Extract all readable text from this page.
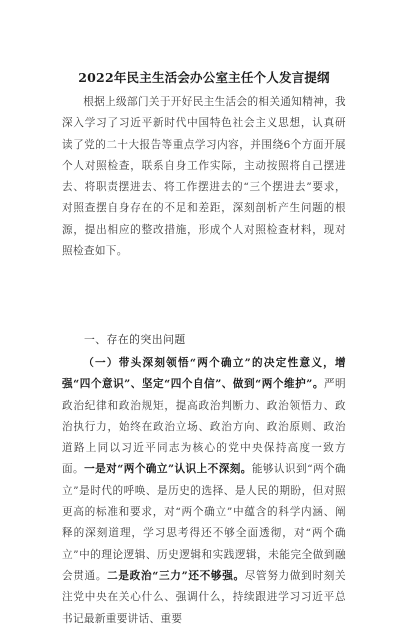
2022年民主生活会办公室主任个人发言提纲

根据上级部门关于开好民主生活会的相关通知精神，我深入学习了习近平新时代中国特色社会主义思想，认真研读了党的二十大报告等重点学习内容，并围绕6个方面开展个人对照检查，联系自身工作实际，主动按照将自己摆进去、将职责摆进去、将工作摆进去的“三个摆进去”要求，对照查摆自身存在的不足和差距，深刻剖析产生问题的根源，提出相应的整改措施，形成个人对照检查材料，现对照检查如下。

一、存在的突出问题

（一）带头深刻领悟“两个确立”的决定性意义，增强“四个意识”、坚定“四个自信”、做到“两个维护”。严明政治纪律和政治规矩，提高政治判断力、政治领悟力、政治执行力，始终在政治立场、政治方向、政治原则、政治道路上同以习近平同志为核心的党中央保持高度一致方面。一是对“两个确立”认识上不深刻。能够认识到“两个确立”是时代的呼唤、是历史的选择、是人民的期盼，但对照更高的标准和要求，对“两个确立”中蕴含的科学内涵、阐释的深刻道理，学习思考得还不够全面透彻，对“两个确立”中的理论逻辑、历史逻辑和实践逻辑，未能完全做到融会贯通。二是政治“三力”还不够强。尽管努力做到时刻关注党中央在关心什么、强调什么，持续跟进学习习近平总书记最新重要讲话、重要
